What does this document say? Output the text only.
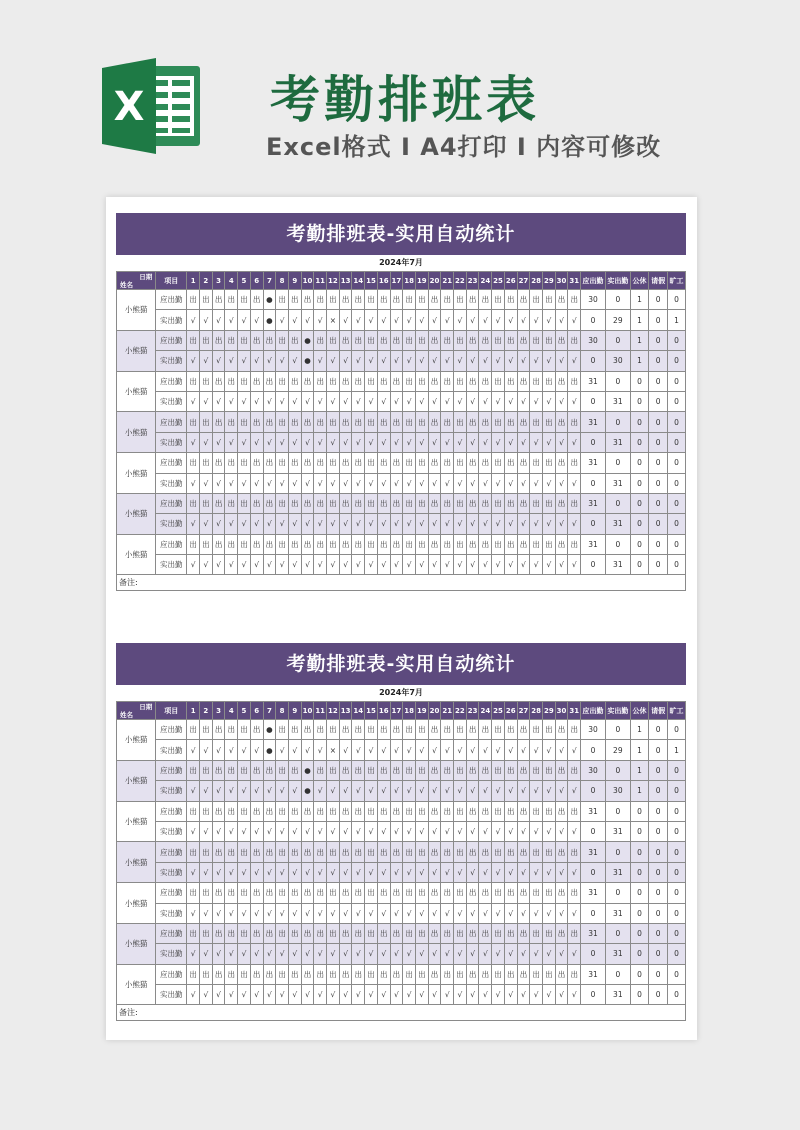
X	考勤排班表
Excel格式 I A4打印 I 内容可修改
考勤排班表-实用自动统计
2024年7月
日期
姓名	项目	1	2	3	4	5	6	7	8	9	10	11	12	13	14	15	16	17	18	19	20	21	22	23	24	25	26	27	28	29	30	31	应出勤	实出勤	公休	请假	旷工
小熊猫	应出勤	出	出	出	出	出	出	●	出	出	出	出	出	出	出	出	出	出	出	出	出	出	出	出	出	出	出	出	出	出	出	出	30	0	1	0	0
	实出勤	√	√	√	√	√	√	●	√	√	√	√	×	√	√	√	√	√	√	√	√	√	√	√	√	√	√	√	√	√	√	√	0	29	1	0	1
小熊猫	应出勤	出	出	出	出	出	出	出	出	出	●	出	出	出	出	出	出	出	出	出	出	出	出	出	出	出	出	出	出	出	出	出	30	0	1	0	0
	实出勤	√	√	√	√	√	√	√	√	√	●	√	√	√	√	√	√	√	√	√	√	√	√	√	√	√	√	√	√	√	√	√	0	30	1	0	0
小熊猫	应出勤	出	出	出	出	出	出	出	出	出	出	出	出	出	出	出	出	出	出	出	出	出	出	出	出	出	出	出	出	出	出	出	31	0	0	0	0
	实出勤	√	√	√	√	√	√	√	√	√	√	√	√	√	√	√	√	√	√	√	√	√	√	√	√	√	√	√	√	√	√	√	0	31	0	0	0
小熊猫	应出勤	出	出	出	出	出	出	出	出	出	出	出	出	出	出	出	出	出	出	出	出	出	出	出	出	出	出	出	出	出	出	出	31	0	0	0	0
	实出勤	√	√	√	√	√	√	√	√	√	√	√	√	√	√	√	√	√	√	√	√	√	√	√	√	√	√	√	√	√	√	√	0	31	0	0	0
小熊猫	应出勤	出	出	出	出	出	出	出	出	出	出	出	出	出	出	出	出	出	出	出	出	出	出	出	出	出	出	出	出	出	出	出	31	0	0	0	0
	实出勤	√	√	√	√	√	√	√	√	√	√	√	√	√	√	√	√	√	√	√	√	√	√	√	√	√	√	√	√	√	√	√	0	31	0	0	0
小熊猫	应出勤	出	出	出	出	出	出	出	出	出	出	出	出	出	出	出	出	出	出	出	出	出	出	出	出	出	出	出	出	出	出	出	31	0	0	0	0
	实出勤	√	√	√	√	√	√	√	√	√	√	√	√	√	√	√	√	√	√	√	√	√	√	√	√	√	√	√	√	√	√	√	0	31	0	0	0
小熊猫	应出勤	出	出	出	出	出	出	出	出	出	出	出	出	出	出	出	出	出	出	出	出	出	出	出	出	出	出	出	出	出	出	出	31	0	0	0	0
	实出勤	√	√	√	√	√	√	√	√	√	√	√	√	√	√	√	√	√	√	√	√	√	√	√	√	√	√	√	√	√	√	√	0	31	0	0	0
备注:
考勤排班表-实用自动统计
2024年7月
日期
姓名	项目	1	2	3	4	5	6	7	8	9	10	11	12	13	14	15	16	17	18	19	20	21	22	23	24	25	26	27	28	29	30	31	应出勤	实出勤	公休	请假	旷工
小熊猫	应出勤	出	出	出	出	出	出	●	出	出	出	出	出	出	出	出	出	出	出	出	出	出	出	出	出	出	出	出	出	出	出	出	30	0	1	0	0
	实出勤	√	√	√	√	√	√	●	√	√	√	√	×	√	√	√	√	√	√	√	√	√	√	√	√	√	√	√	√	√	√	√	0	29	1	0	1
小熊猫	应出勤	出	出	出	出	出	出	出	出	出	●	出	出	出	出	出	出	出	出	出	出	出	出	出	出	出	出	出	出	出	出	出	30	0	1	0	0
	实出勤	√	√	√	√	√	√	√	√	√	●	√	√	√	√	√	√	√	√	√	√	√	√	√	√	√	√	√	√	√	√	√	0	30	1	0	0
小熊猫	应出勤	出	出	出	出	出	出	出	出	出	出	出	出	出	出	出	出	出	出	出	出	出	出	出	出	出	出	出	出	出	出	出	31	0	0	0	0
	实出勤	√	√	√	√	√	√	√	√	√	√	√	√	√	√	√	√	√	√	√	√	√	√	√	√	√	√	√	√	√	√	√	0	31	0	0	0
小熊猫	应出勤	出	出	出	出	出	出	出	出	出	出	出	出	出	出	出	出	出	出	出	出	出	出	出	出	出	出	出	出	出	出	出	31	0	0	0	0
	实出勤	√	√	√	√	√	√	√	√	√	√	√	√	√	√	√	√	√	√	√	√	√	√	√	√	√	√	√	√	√	√	√	0	31	0	0	0
小熊猫	应出勤	出	出	出	出	出	出	出	出	出	出	出	出	出	出	出	出	出	出	出	出	出	出	出	出	出	出	出	出	出	出	出	31	0	0	0	0
	实出勤	√	√	√	√	√	√	√	√	√	√	√	√	√	√	√	√	√	√	√	√	√	√	√	√	√	√	√	√	√	√	√	0	31	0	0	0
小熊猫	应出勤	出	出	出	出	出	出	出	出	出	出	出	出	出	出	出	出	出	出	出	出	出	出	出	出	出	出	出	出	出	出	出	31	0	0	0	0
	实出勤	√	√	√	√	√	√	√	√	√	√	√	√	√	√	√	√	√	√	√	√	√	√	√	√	√	√	√	√	√	√	√	0	31	0	0	0
小熊猫	应出勤	出	出	出	出	出	出	出	出	出	出	出	出	出	出	出	出	出	出	出	出	出	出	出	出	出	出	出	出	出	出	出	31	0	0	0	0
	实出勤	√	√	√	√	√	√	√	√	√	√	√	√	√	√	√	√	√	√	√	√	√	√	√	√	√	√	√	√	√	√	√	0	31	0	0	0
备注:
